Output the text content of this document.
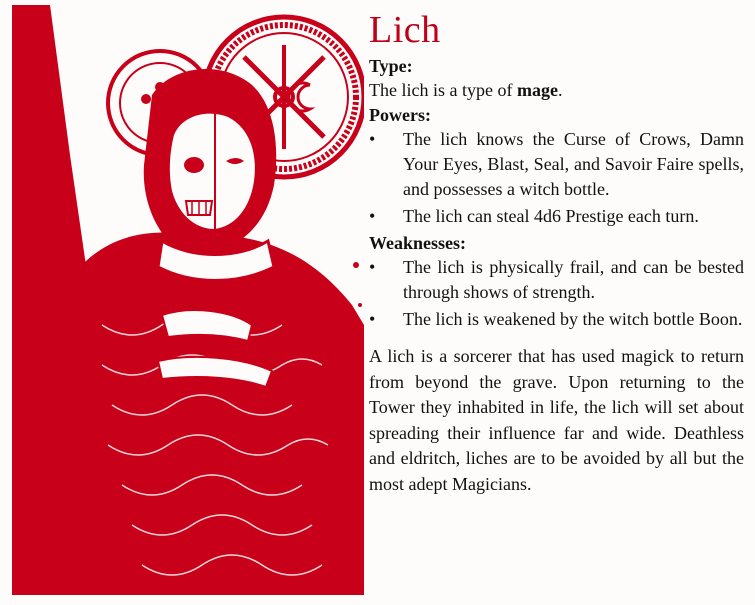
Lich
Type:
The lich is a type of mage.
Powers:
• The lich knows the Curse of Crows, Damn Your Eyes, Blast, Seal, and Savoir Faire spells, and possesses a witch bottle.
• The lich can steal 4d6 Prestige each turn.
Weaknesses:
• The lich is physically frail, and can be bested through shows of strength.
• The lich is weakened by the witch bottle Boon.

A lich is a sorcerer that has used magick to return from beyond the grave. Upon returning to the Tower they inhabited in life, the lich will set about spreading their influence far and wide. Deathless and eldritch, liches are to be avoided by all but the most adept Magicians.
